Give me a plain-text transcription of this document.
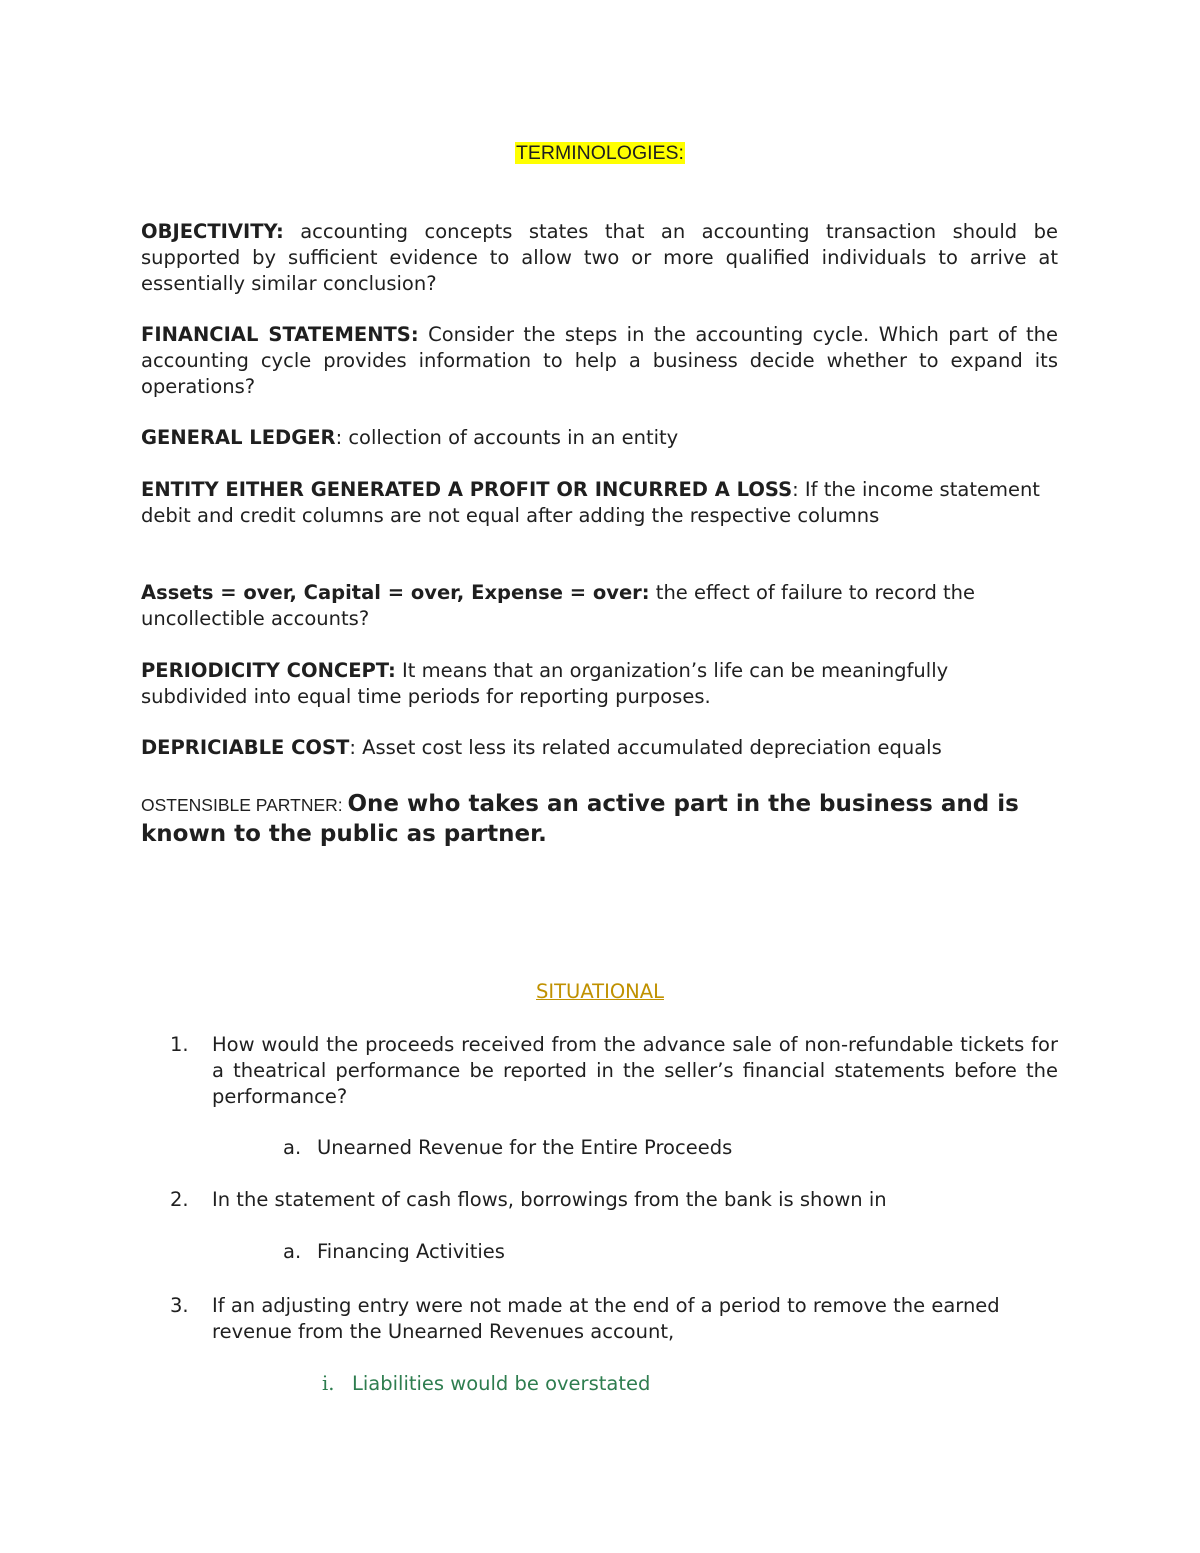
TERMINOLOGIES:
OBJECTIVITY: accounting concepts states that an accounting transaction should be supported by sufficient evidence to allow two or more qualified individuals to arrive at essentially similar conclusion?
FINANCIAL STATEMENTS: Consider the steps in the accounting cycle. Which part of the accounting cycle provides information to help a business decide whether to expand its operations?
GENERAL LEDGER: collection of accounts in an entity
ENTITY EITHER GENERATED A PROFIT OR INCURRED A LOSS: If the income statement debit and credit columns are not equal after adding the respective columns
Assets = over, Capital = over, Expense = over: the effect of failure to record the uncollectible accounts?
PERIODICITY CONCEPT: It means that an organization’s life can be meaningfully subdivided into equal time periods for reporting purposes.
DEPRICIABLE COST: Asset cost less its related accumulated depreciation equals
OSTENSIBLE PARTNER: One who takes an active part in the business and is known to the public as partner.
SITUATIONAL
1.	How would the proceeds received from the advance sale of non-refundable tickets for a theatrical performance be reported in the seller’s financial statements before the performance?
a. Unearned Revenue for the Entire Proceeds
2.	In the statement of cash flows, borrowings from the bank is shown in
a. Financing Activities
3.	If an adjusting entry were not made at the end of a period to remove the earned revenue from the Unearned Revenues account,
i. Liabilities would be overstated
